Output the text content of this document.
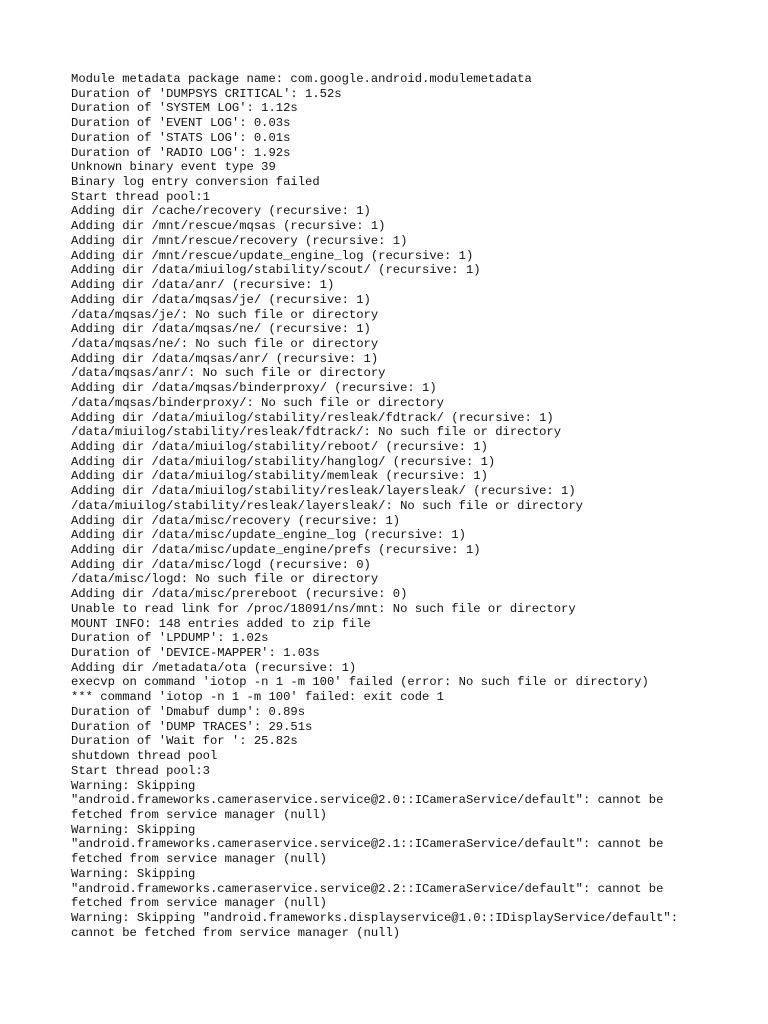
Module metadata package name: com.google.android.modulemetadata
Duration of 'DUMPSYS CRITICAL': 1.52s
Duration of 'SYSTEM LOG': 1.12s
Duration of 'EVENT LOG': 0.03s
Duration of 'STATS LOG': 0.01s
Duration of 'RADIO LOG': 1.92s
Unknown binary event type 39
Binary log entry conversion failed
Start thread pool:1
Adding dir /cache/recovery (recursive: 1)
Adding dir /mnt/rescue/mqsas (recursive: 1)
Adding dir /mnt/rescue/recovery (recursive: 1)
Adding dir /mnt/rescue/update_engine_log (recursive: 1)
Adding dir /data/miuilog/stability/scout/ (recursive: 1)
Adding dir /data/anr/ (recursive: 1)
Adding dir /data/mqsas/je/ (recursive: 1)
/data/mqsas/je/: No such file or directory
Adding dir /data/mqsas/ne/ (recursive: 1)
/data/mqsas/ne/: No such file or directory
Adding dir /data/mqsas/anr/ (recursive: 1)
/data/mqsas/anr/: No such file or directory
Adding dir /data/mqsas/binderproxy/ (recursive: 1)
/data/mqsas/binderproxy/: No such file or directory
Adding dir /data/miuilog/stability/resleak/fdtrack/ (recursive: 1)
/data/miuilog/stability/resleak/fdtrack/: No such file or directory
Adding dir /data/miuilog/stability/reboot/ (recursive: 1)
Adding dir /data/miuilog/stability/hanglog/ (recursive: 1)
Adding dir /data/miuilog/stability/memleak (recursive: 1)
Adding dir /data/miuilog/stability/resleak/layersleak/ (recursive: 1)
/data/miuilog/stability/resleak/layersleak/: No such file or directory
Adding dir /data/misc/recovery (recursive: 1)
Adding dir /data/misc/update_engine_log (recursive: 1)
Adding dir /data/misc/update_engine/prefs (recursive: 1)
Adding dir /data/misc/logd (recursive: 0)
/data/misc/logd: No such file or directory
Adding dir /data/misc/prereboot (recursive: 0)
Unable to read link for /proc/18091/ns/mnt: No such file or directory
MOUNT INFO: 148 entries added to zip file
Duration of 'LPDUMP': 1.02s
Duration of 'DEVICE-MAPPER': 1.03s
Adding dir /metadata/ota (recursive: 1)
execvp on command 'iotop -n 1 -m 100' failed (error: No such file or directory)
*** command 'iotop -n 1 -m 100' failed: exit code 1
Duration of 'Dmabuf dump': 0.89s
Duration of 'DUMP TRACES': 29.51s
Duration of 'Wait for ': 25.82s
shutdown thread pool
Start thread pool:3
Warning: Skipping
"android.frameworks.cameraservice.service@2.0::ICameraService/default": cannot be
fetched from service manager (null)
Warning: Skipping
"android.frameworks.cameraservice.service@2.1::ICameraService/default": cannot be
fetched from service manager (null)
Warning: Skipping
"android.frameworks.cameraservice.service@2.2::ICameraService/default": cannot be
fetched from service manager (null)
Warning: Skipping "android.frameworks.displayservice@1.0::IDisplayService/default":
cannot be fetched from service manager (null)
